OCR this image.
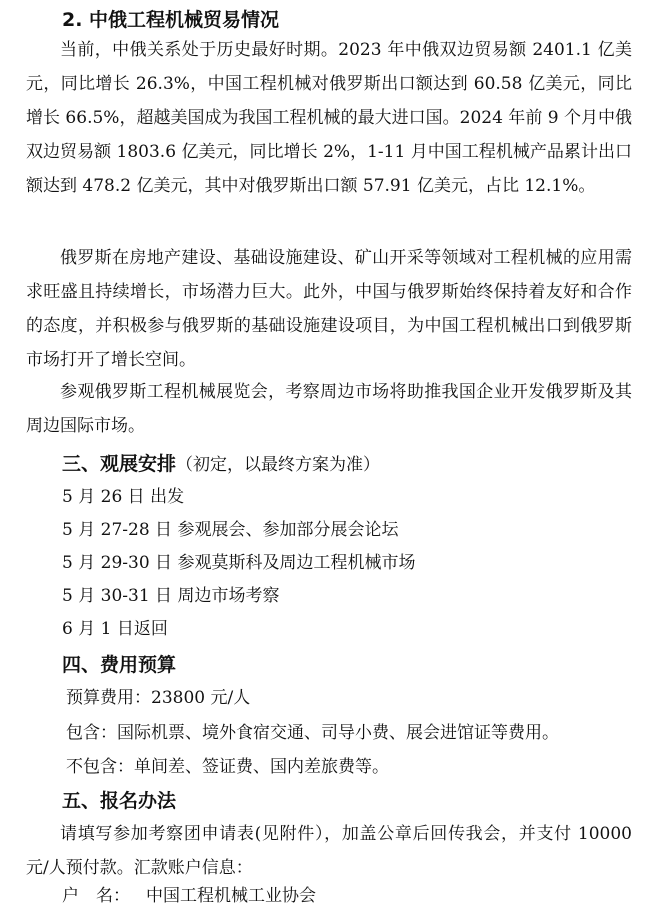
2. 中俄工程机械贸易情况
当前，中俄关系处于历史最好时期。2023 年中俄双边贸易额 2401.1 亿美元，同比增长 26.3%，中国工程机械对俄罗斯出口额达到 60.58 亿美元，同比增长 66.5%，超越美国成为我国工程机械的最大进口国。2024 年前 9 个月中俄双边贸易额 1803.6 亿美元，同比增长 2%，1-11 月中国工程机械产品累计出口额达到 478.2 亿美元，其中对俄罗斯出口额 57.91 亿美元，占比 12.1%。
俄罗斯在房地产建设、基础设施建设、矿山开采等领域对工程机械的应用需求旺盛且持续增长，市场潜力巨大。此外，中国与俄罗斯始终保持着友好和合作的态度，并积极参与俄罗斯的基础设施建设项目，为中国工程机械出口到俄罗斯市场打开了增长空间。
参观俄罗斯工程机械展览会，考察周边市场将助推我国企业开发俄罗斯及其周边国际市场。
三、观展安排（初定，以最终方案为准）
5 月 26 日 出发
5 月 27-28 日 参观展会、参加部分展会论坛
5 月 29-30 日 参观莫斯科及周边工程机械市场
5 月 30-31 日 周边市场考察
6 月 1 日返回
四、费用预算
预算费用：23800 元/人
包含：国际机票、境外食宿交通、司导小费、展会进馆证等费用。
不包含：单间差、签证费、国内差旅费等。
五、报名办法
请填写参加考察团申请表(见附件），加盖公章后回传我会，并支付 10000 元/人预付款。汇款账户信息：
户　名： 中国工程机械工业协会
